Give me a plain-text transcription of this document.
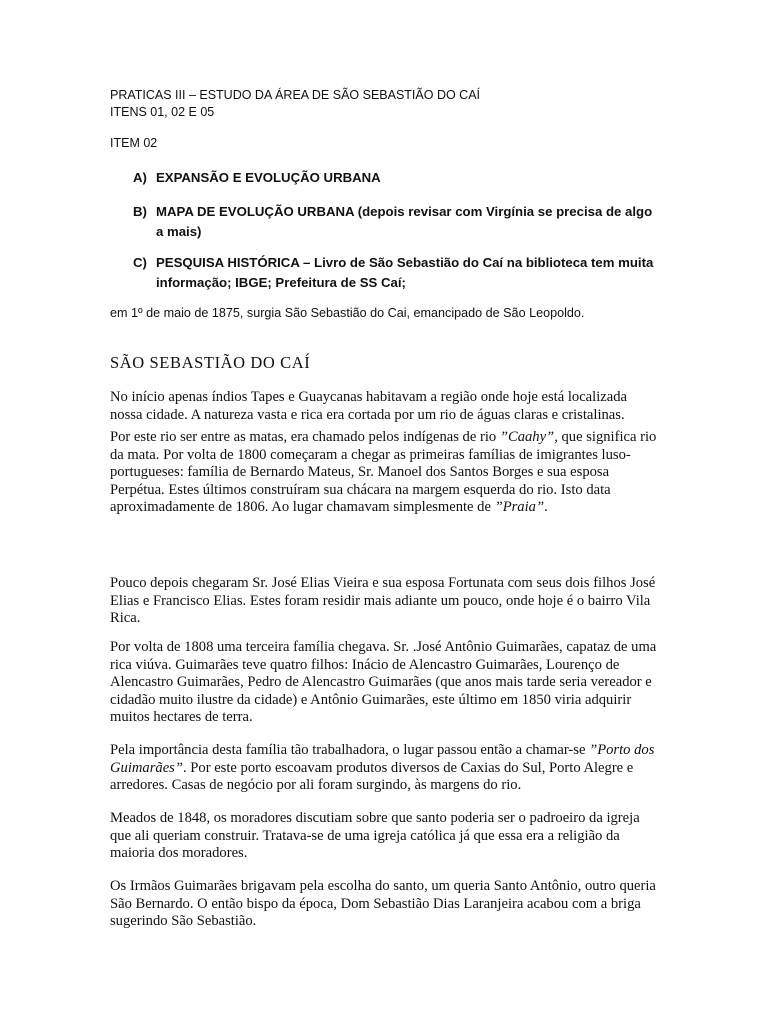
PRATICAS III – ESTUDO DA ÁREA DE SÃO SEBASTIÃO DO CAÍ
ITENS 01, 02 E 05
ITEM 02
A) EXPANSÃO E EVOLUÇÃO URBANA
B) MAPA DE EVOLUÇÃO URBANA (depois revisar com Virgínia se precisa de algo a mais)
C) PESQUISA HISTÓRICA – Livro de São Sebastião do Caí na biblioteca tem muita informação; IBGE; Prefeitura de SS Caí;
em 1º de maio de 1875, surgia São Sebastião do Cai, emancipado de São Leopoldo.
SÃO SEBASTIÃO DO CAÍ

No início apenas índios Tapes e Guaycanas habitavam a região onde hoje está localizada nossa cidade. A natureza vasta e rica era cortada por um rio de águas claras e cristalinas.

Por este rio ser entre as matas, era chamado pelos indígenas de rio ”Caahy”, que significa rio da mata. Por volta de 1800 começaram a chegar as primeiras famílias de imigrantes luso-portugueses: família de Bernardo Mateus, Sr. Manoel dos Santos Borges e sua esposa Perpétua. Estes últimos construíram sua chácara na margem esquerda do rio. Isto data aproximadamente de 1806. Ao lugar chamavam simplesmente de ”Praia”.

Pouco depois chegaram Sr. José Elias Vieira e sua esposa Fortunata com seus dois filhos José Elias e Francisco Elias. Estes foram residir mais adiante um pouco, onde hoje é o bairro Vila Rica.

Por volta de 1808 uma terceira família chegava. Sr. .José Antônio Guimarães, capataz de uma rica viúva. Guimarães teve quatro filhos: Inácio de Alencastro Guimarães, Lourenço de Alencastro Guimarães, Pedro de Alencastro Guimarães (que anos mais tarde seria vereador e cidadão muito ilustre da cidade) e Antônio Guimarães, este último em 1850 viria adquirir muitos hectares de terra.

Pela importância desta família tão trabalhadora, o lugar passou então a chamar-se ”Porto dos Guimarães”. Por este porto escoavam produtos diversos de Caxias do Sul, Porto Alegre e arredores. Casas de negócio por ali foram surgindo, às margens do rio.

Meados de 1848, os moradores discutiam sobre que santo poderia ser o padroeiro da igreja que ali queriam construir. Tratava-se de uma igreja católica já que essa era a religião da maioria dos moradores.

Os Irmãos Guimarães brigavam pela escolha do santo, um queria Santo Antônio, outro queria São Bernardo. O então bispo da época, Dom Sebastião Dias Laranjeira acabou com a briga sugerindo São Sebastião.
